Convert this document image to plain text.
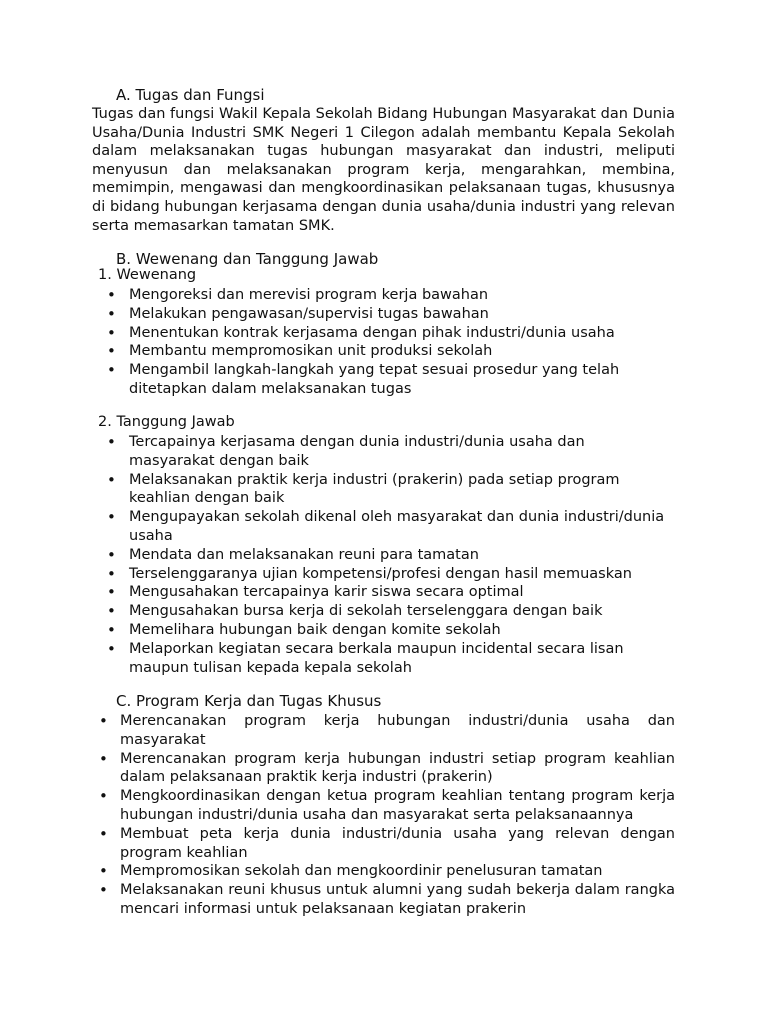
A. Tugas dan Fungsi

Tugas dan fungsi Wakil Kepala Sekolah Bidang Hubungan Masyarakat dan Dunia Usaha/Dunia Industri SMK Negeri 1 Cilegon adalah membantu Kepala Sekolah dalam melaksanakan tugas hubungan masyarakat dan industri, meliputi menyusun dan melaksanakan program kerja, mengarahkan, membina, memimpin, mengawasi dan mengkoordinasikan pelaksanaan tugas, khususnya di bidang hubungan kerjasama dengan dunia usaha/dunia industri yang relevan serta memasarkan tamatan SMK.

B. Wewenang dan Tanggung Jawab

1. Wewenang

• Mengoreksi dan merevisi program kerja bawahan
• Melakukan pengawasan/supervisi tugas bawahan
• Menentukan kontrak kerjasama dengan pihak industri/dunia usaha
• Membantu mempromosikan unit produksi sekolah
• Mengambil langkah-langkah yang tepat sesuai prosedur yang telah ditetapkan dalam melaksanakan tugas

2. Tanggung Jawab

• Tercapainya kerjasama dengan dunia industri/dunia usaha dan masyarakat dengan baik
• Melaksanakan praktik kerja industri (prakerin) pada setiap program keahlian dengan baik
• Mengupayakan sekolah dikenal oleh masyarakat dan dunia industri/dunia usaha
• Mendata dan melaksanakan reuni para tamatan
• Terselenggaranya ujian kompetensi/profesi dengan hasil memuaskan
• Mengusahakan tercapainya karir siswa secara optimal
• Mengusahakan bursa kerja di sekolah terselenggara dengan baik
• Memelihara hubungan baik dengan komite sekolah
• Melaporkan kegiatan secara berkala maupun incidental secara lisan maupun tulisan kepada kepala sekolah
C. Program Kerja dan Tugas Khusus
• Merencanakan program kerja hubungan industri/dunia usaha dan masyarakat
• Merencanakan program kerja hubungan industri setiap program keahlian dalam pelaksanaan praktik kerja industri (prakerin)
• Mengkoordinasikan dengan ketua program keahlian tentang program kerja hubungan industri/dunia usaha dan masyarakat serta pelaksanaannya
• Membuat peta kerja dunia industri/dunia usaha yang relevan dengan program keahlian
• Mempromosikan sekolah dan mengkoordinir penelusuran tamatan
• Melaksanakan reuni khusus untuk alumni yang sudah bekerja dalam rangka mencari informasi untuk pelaksanaan kegiatan prakerin
